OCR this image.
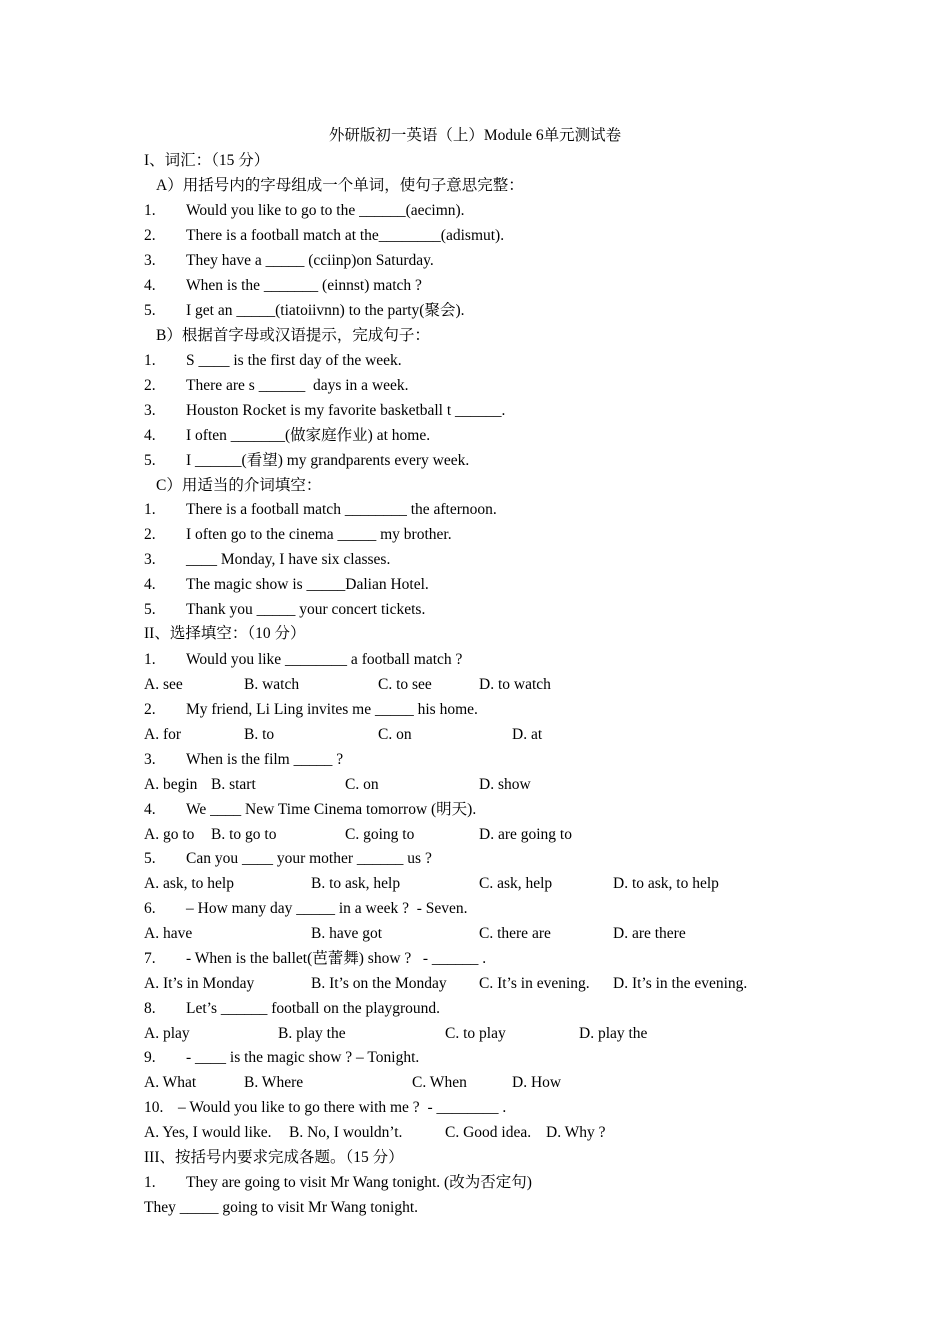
外研版初一英语（上）Module 6单元测试卷
I、词汇：（15 分）
A）用括号内的字母组成一个单词，使句子意思完整：
1. Would you like to go to the ______(aecimn).
2. There is a football match at the________(adismut).
3. They have a _____ (cciinp)on Saturday.
4. When is the _______ (einnst) match ?
5. I get an _____(tiatoiivnn) to the party(聚会).
B）根据首字母或汉语提示，完成句子：
1. S ____ is the first day of the week.
2. There are s ______  days in a week.
3. Houston Rocket is my favorite basketball t ______.
4. I often _______(做家庭作业) at home.
5. I ______(看望) my grandparents every week.
C）用适当的介词填空：
1. There is a football match ________ the afternoon.
2. I often go to the cinema _____ my brother.
3. ____ Monday, I have six classes.
4. The magic show is _____Dalian Hotel.
5. Thank you _____ your concert tickets.
II、选择填空：（10 分）
1. Would you like ________ a football match ?
A. see	B. watch	C. to see	D. to watch
2. My friend, Li Ling invites me _____ his home.
A. for	B. to	C. on	D. at
3. When is the film _____ ?
A. begin B. start	C. on	D. show
4. We ____ New Time Cinema tomorrow (明天).
A. go to B. to go to	C. going to	D. are going to
5. Can you ____ your mother ______ us ?
A. ask, to help	B. to ask, help	C. ask, help	D. to ask, to help
6. – How many day _____ in a week ?  - Seven.
A. have	B. have got	C. there are	D. are there
7. - When is the ballet(芭蕾舞) show ?   - ______ .
A. It’s in Monday	B. It’s on the Monday C. It’s in evening. D. It’s in the evening.
8. Let’s ______ football on the playground.
A. play	B. play the	C. to play	D. play the
9. - ____ is the magic show ? – Tonight.
A. What	B. Where	C. When	D. How
10. – Would you like to go there with me ?  - ________ .
A. Yes, I would like. B. No, I wouldn’t.	C. Good idea. D. Why ?
III、按括号内要求完成各题。（15 分）
1. They are going to visit Mr Wang tonight. (改为否定句)
They _____ going to visit Mr Wang tonight.
